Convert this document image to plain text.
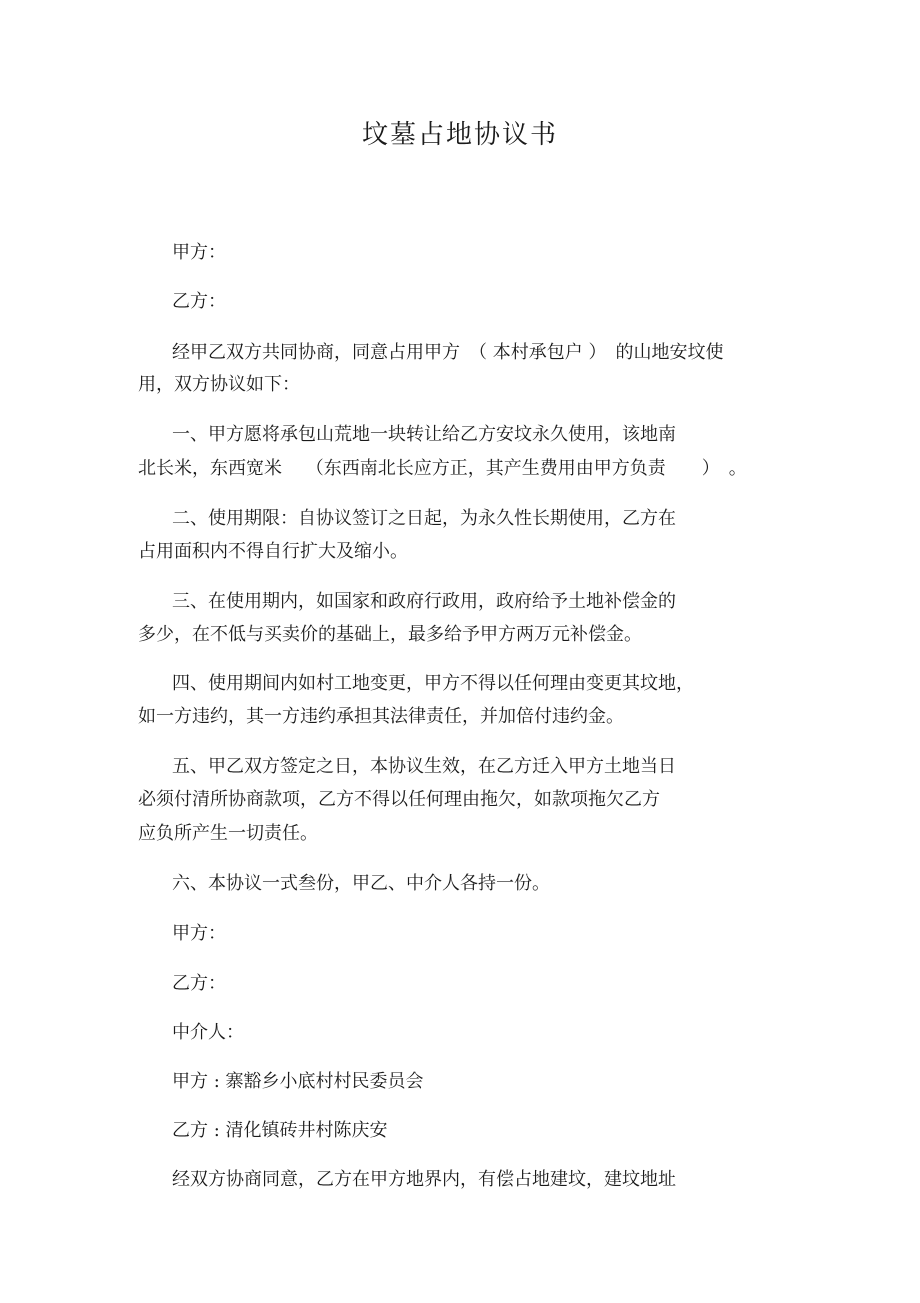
坟墓占地协议书
甲方：
乙方：
经甲乙双方共同协商，同意占用甲方　（ 本村承包户 ）　的山地安坟使
用，双方协议如下：
一、甲方愿将承包山荒地一块转让给乙方安坟永久使用，该地南
北长米，东西宽米　 （东西南北长应方正，其产生费用由甲方负责　　）　。
二、使用期限：自协议签订之日起，为永久性长期使用，乙方在
占用面积内不得自行扩大及缩小。
三、在使用期内，如国家和政府行政用，政府给予土地补偿金的
多少，在不低与买卖价的基础上，最多给予甲方两万元补偿金。
四、使用期间内如村工地变更，甲方不得以任何理由变更其坟地，
如一方违约，其一方违约承担其法律责任，并加倍付违约金。
五、甲乙双方签定之日，本协议生效，在乙方迁入甲方土地当日
必须付清所协商款项，乙方不得以任何理由拖欠，如款项拖欠乙方
应负所产生一切责任。
六、本协议一式叁份，甲乙、中介人各持一份。
甲方：
乙方：
中介人：
甲方 : 寨豁乡小底村村民委员会
乙方 : 清化镇砖井村陈庆安
经双方协商同意，乙方在甲方地界内，有偿占地建坟，建坟地址
